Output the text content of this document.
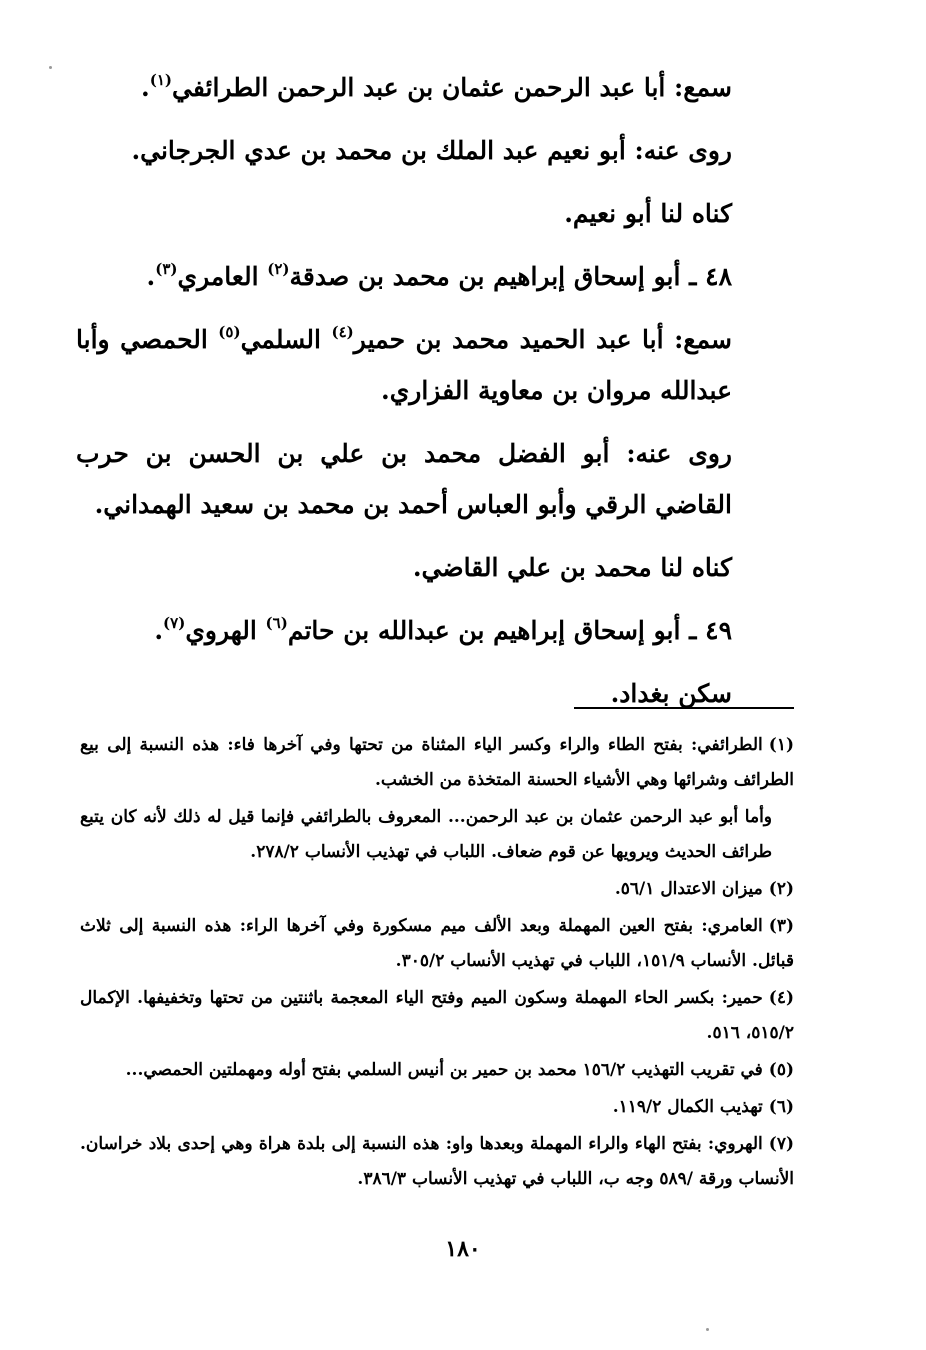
سمع: أبا عبد الرحمن عثمان بن عبد الرحمن الطرائفي$^{(١)}$.

روى عنه: أبو نعيم عبد الملك بن محمد بن عدي الجرجاني.

كناه لنا أبو نعيم.

٤٨ ـ أبو إسحاق إبراهيم بن محمد بن صدقة$^{(٢)}$ العامري$^{(٣)}$.

سمع: أبا عبد الحميد محمد بن حمير$^{(٤)}$ السلمي$^{(٥)}$ الحمصي وأبا عبدالله مروان بن معاوية الفزاري.

روى عنه: أبو الفضل محمد بن علي بن الحسن بن حرب القاضي الرقي وأبو العباس أحمد بن محمد بن سعيد الهمداني.

كناه لنا محمد بن علي القاضي.

٤٩ ـ أبو إسحاق إبراهيم بن عبدالله بن حاتم$^{(٦)}$ الهروي$^{(٧)}$.

سكن بغداد.

(١)الطرائفي: بفتح الطاء والراء وكسر الياء المثناة من تحتها وفي آخرها فاء: هذه النسبة إلى بيع الطرائف وشرائها وهي الأشياء الحسنة المتخذة من الخشب.

وأما أبو عبد الرحمن عثمان بن عبد الرحمن... المعروف بالطرائفي فإنما قيل له ذلك لأنه كان يتبع طرائف الحديث ويرويها عن قوم ضعاف. اللباب في تهذيب الأنساب ٢٧٨/٢.

(٢)ميزان الاعتدال ٥٦/١.

(٣)العامري: بفتح العين المهملة وبعد الألف ميم مسكورة وفي آخرها الراء: هذه النسبة إلى ثلاث قبائل. الأنساب ١٥١/٩، اللباب في تهذيب الأنساب ٣٠٥/٢.

(٤)حمير: بكسر الحاء المهملة وسكون الميم وفتح الياء المعجمة باثنتين من تحتها وتخفيفها. الإكمال ٥١٥/٢، ٥١٦.

(٥)في تقريب التهذيب ١٥٦/٢ محمد بن حمير بن أنيس السلمي بفتح أوله ومهملتين الحمصي...

(٦)تهذيب الكمال ١١٩/٢.

(٧)الهروي: بفتح الهاء والراء المهملة وبعدها واو: هذه النسبة إلى بلدة هراة وهي إحدى بلاد خراسان. الأنساب ورقة /٥٨٩ وجه ب، اللباب في تهذيب الأنساب ٣٨٦/٣.

١٨٠
